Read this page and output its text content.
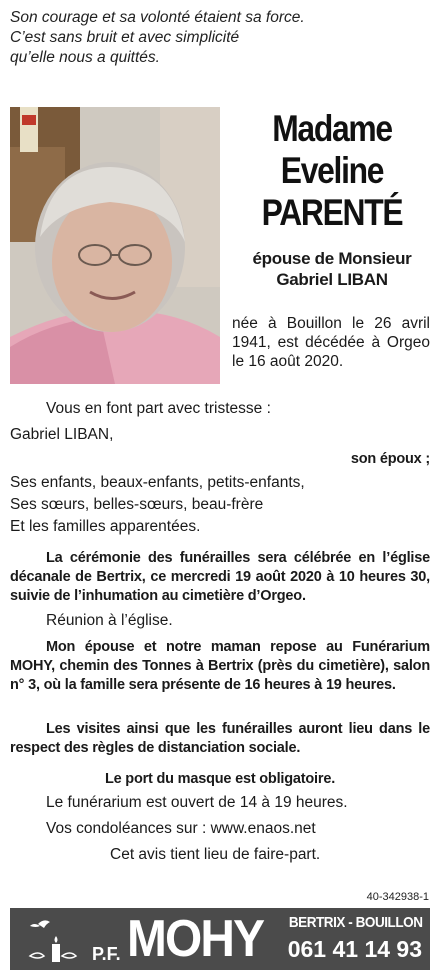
Son courage et sa volonté étaient sa force.
C’est sans bruit et avec simplicité
qu’elle nous a quittés.
Madame
Eveline
PARENTÉ
épouse de Monsieur
Gabriel LIBAN
née à Bouillon le 26 avril 1941, est décédée à Orgeo le 16 août 2020.
Vous en font part avec tristesse :
Gabriel LIBAN,
son époux ;
Ses enfants, beaux-enfants, petits-enfants,
Ses sœurs, belles-sœurs, beau-frère
Et les familles apparentées.
La cérémonie des funérailles sera célébrée en l’église décanale de Bertrix, ce mercredi 19 août 2020 à 10 heures 30, suivie de l’inhumation au cimetière d’Orgeo.
Réunion à l’église.
Mon épouse et notre maman repose au Funérarium MOHY, chemin des Tonnes à Bertrix (près du cimetière), salon n° 3, où la famille sera présente de 16 heures à 19 heures.
Les visites ainsi que les funérailles auront lieu dans le respect des règles de distanciation sociale.
Le port du masque est obligatoire.
Le funérarium est ouvert de 14 à 19 heures.
Vos condoléances sur : www.enaos.net
Cet avis tient lieu de faire-part.
40-342938-1
P.F. MOHY BERTRIX - BOUILLON
061 41 14 93
